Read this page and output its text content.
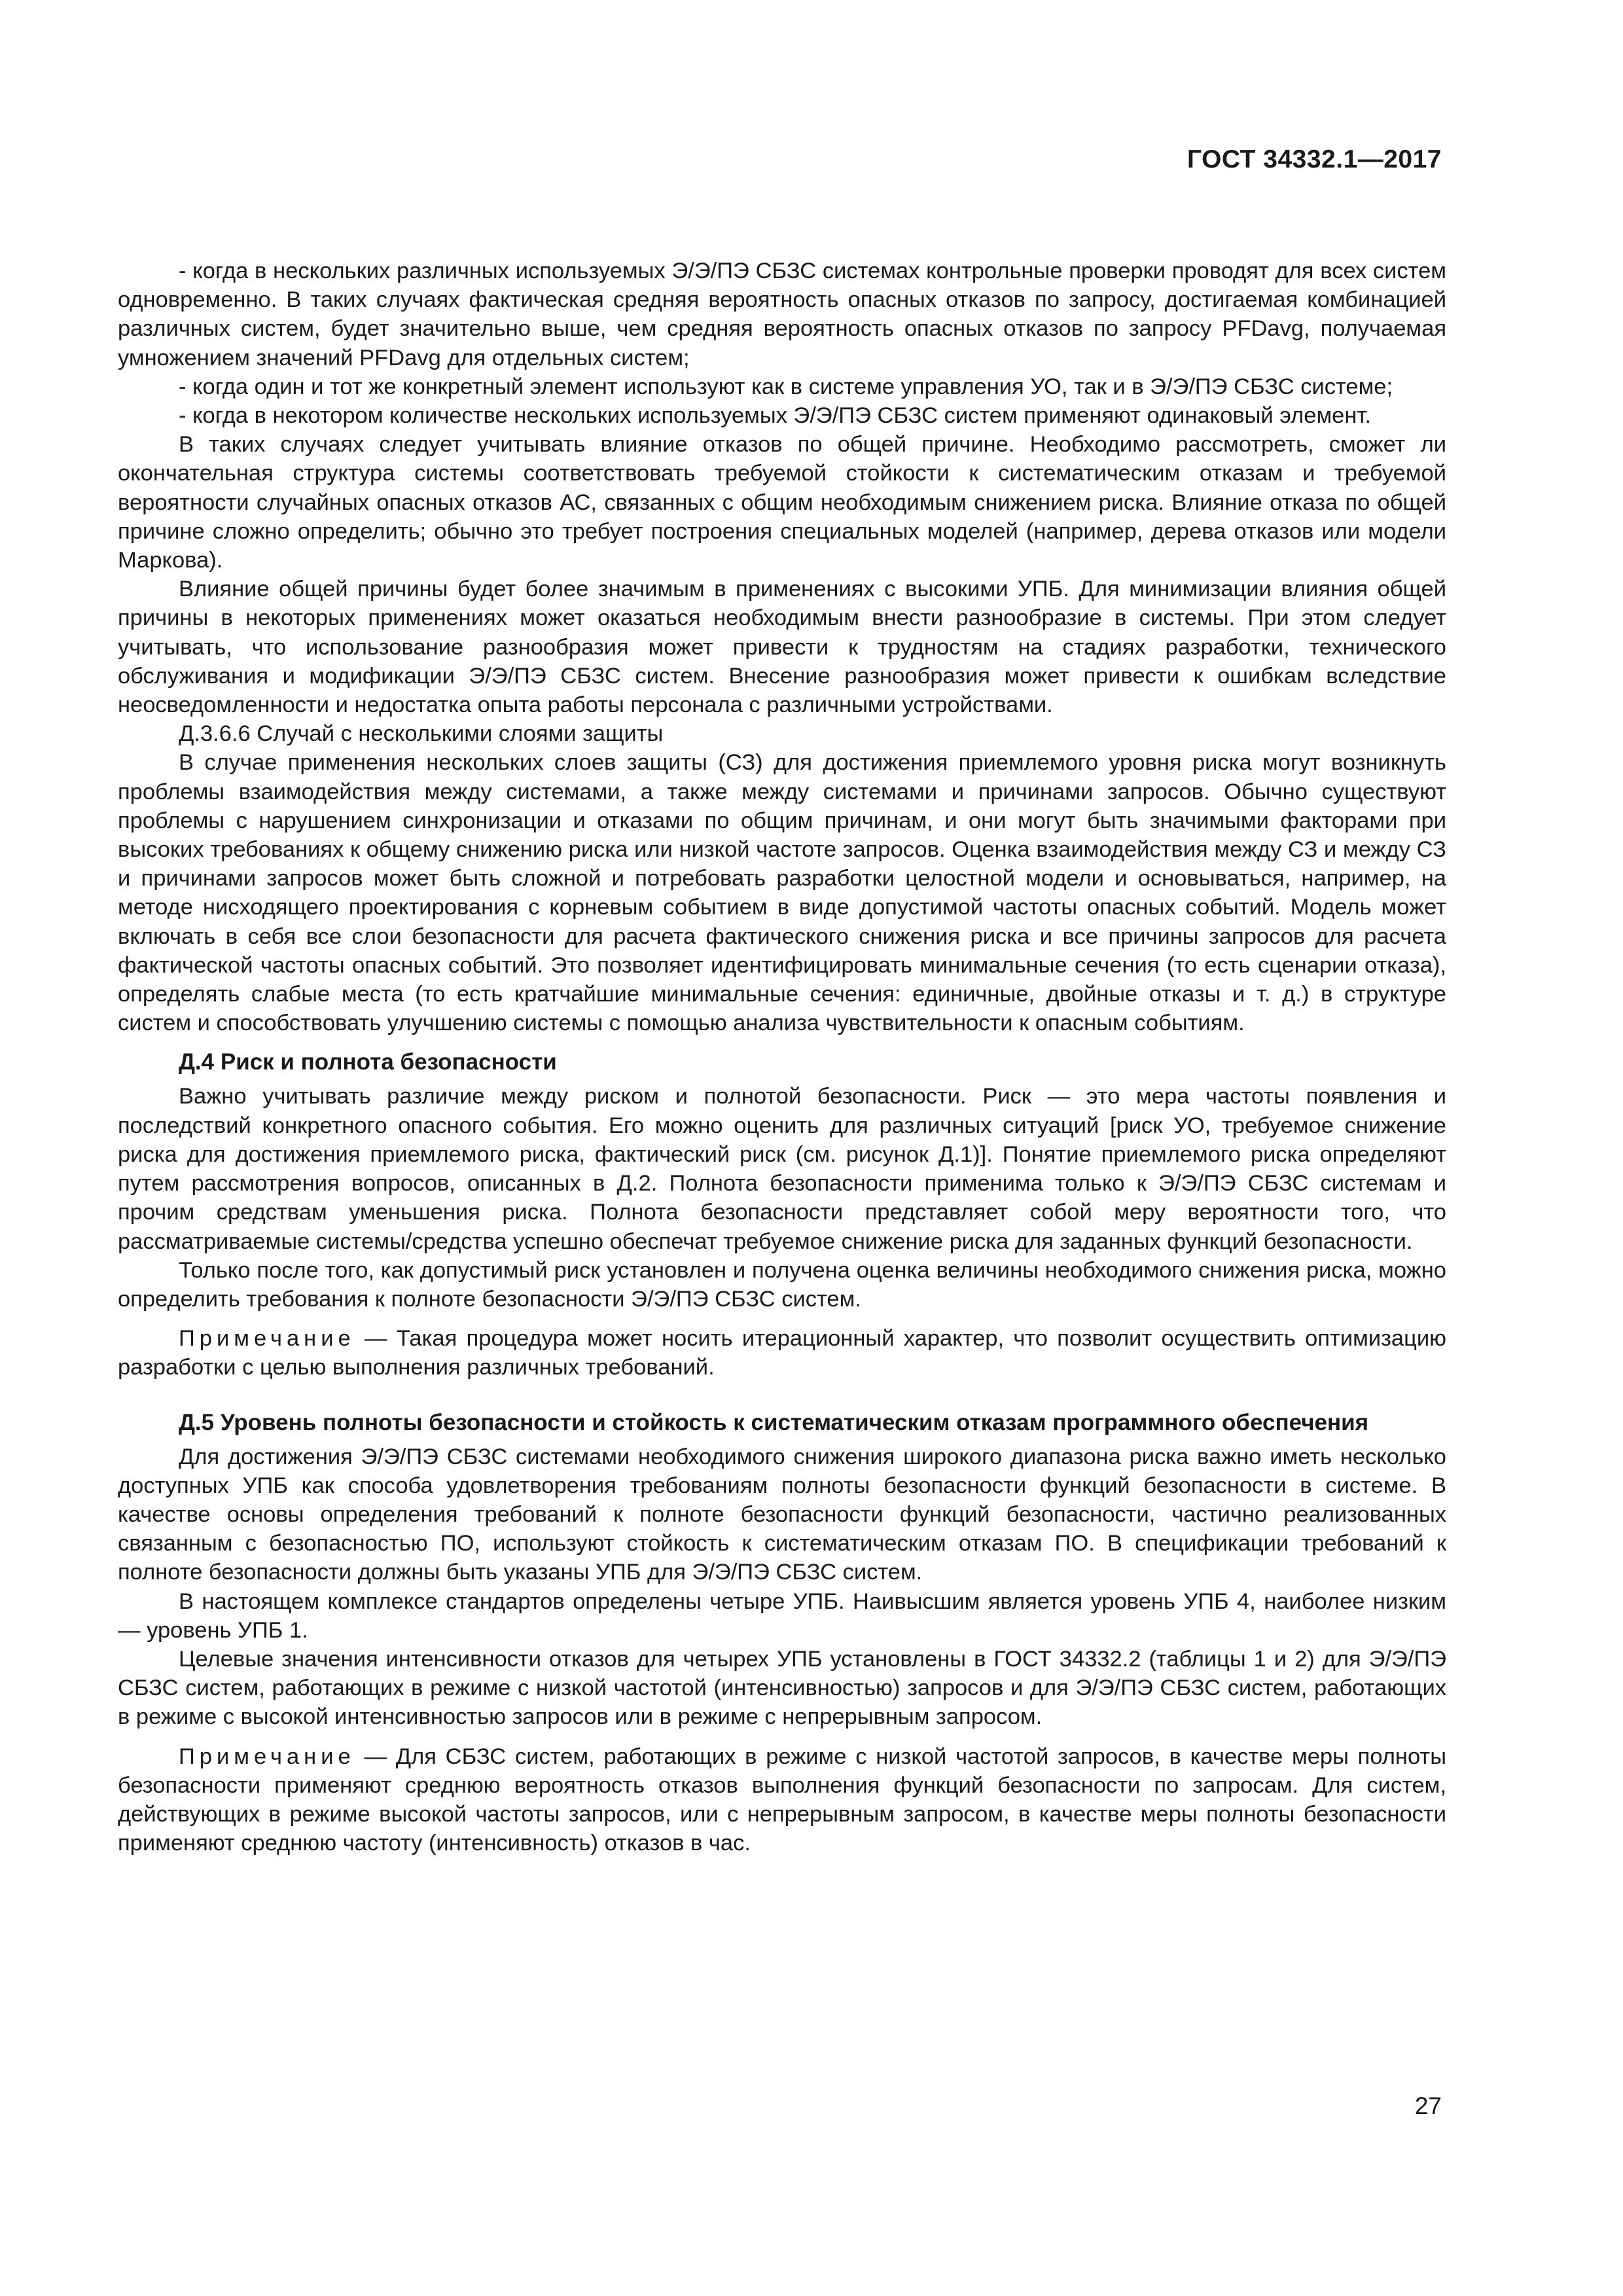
ГОСТ 34332.1—2017

- когда в нескольких различных используемых Э/Э/ПЭ СБЗС системах контрольные проверки проводят для всех систем одновременно. В таких случаях фактическая средняя вероятность опасных отказов по запросу, достигаемая комбинацией различных систем, будет значительно выше, чем средняя вероятность опасных отказов по запросу PFDavg, получаемая умножением значений PFDavg для отдельных систем;

- когда один и тот же конкретный элемент используют как в системе управления УО, так и в Э/Э/ПЭ СБЗС системе;

- когда в некотором количестве нескольких используемых Э/Э/ПЭ СБЗС систем применяют одинаковый элемент.

В таких случаях следует учитывать влияние отказов по общей причине. Необходимо рассмотреть, сможет ли окончательная структура системы соответствовать требуемой стойкости к систематическим отказам и требуемой вероятности случайных опасных отказов АС, связанных с общим необходимым снижением риска. Влияние отказа по общей причине сложно определить; обычно это требует построения специальных моделей (например, дерева отказов или модели Маркова).

Влияние общей причины будет более значимым в применениях с высокими УПБ. Для минимизации влияния общей причины в некоторых применениях может оказаться необходимым внести разнообразие в системы. При этом следует учитывать, что использование разнообразия может привести к трудностям на стадиях разработки, технического обслуживания и модификации Э/Э/ПЭ СБЗС систем. Внесение разнообразия может привести к ошибкам вследствие неосведомленности и недостатка опыта работы персонала с различными устройствами.

Д.3.6.6 Случай с несколькими слоями защиты

В случае применения нескольких слоев защиты (СЗ) для достижения приемлемого уровня риска могут возникнуть проблемы взаимодействия между системами, а также между системами и причинами запросов. Обычно существуют проблемы с нарушением синхронизации и отказами по общим причинам, и они могут быть значимыми факторами при высоких требованиях к общему снижению риска или низкой частоте запросов. Оценка взаимодействия между СЗ и между СЗ и причинами запросов может быть сложной и потребовать разработки целостной модели и основываться, например, на методе нисходящего проектирования с корневым событием в виде допустимой частоты опасных событий. Модель может включать в себя все слои безопасности для расчета фактического снижения риска и все причины запросов для расчета фактической частоты опасных событий. Это позволяет идентифицировать минимальные сечения (то есть сценарии отказа), определять слабые места (то есть кратчайшие минимальные сечения: единичные, двойные отказы и т. д.) в структуре систем и способствовать улучшению системы с помощью анализа чувствительности к опасным событиям.

Д.4 Риск и полнота безопасности

Важно учитывать различие между риском и полнотой безопасности. Риск — это мера частоты появления и последствий конкретного опасного события. Его можно оценить для различных ситуаций [риск УО, требуемое снижение риска для достижения приемлемого риска, фактический риск (см. рисунок Д.1)]. Понятие приемлемого риска определяют путем рассмотрения вопросов, описанных в Д.2. Полнота безопасности применима только к Э/Э/ПЭ СБЗС системам и прочим средствам уменьшения риска. Полнота безопасности представляет собой меру вероятности того, что рассматриваемые системы/средства успешно обеспечат требуемое снижение риска для заданных функций безопасности.

Только после того, как допустимый риск установлен и получена оценка величины необходимого снижения риска, можно определить требования к полноте безопасности Э/Э/ПЭ СБЗС систем.

Примечание — Такая процедура может носить итерационный характер, что позволит осуществить оптимизацию разработки с целью выполнения различных требований.

Д.5 Уровень полноты безопасности и стойкость к систематическим отказам программного обеспечения

Для достижения Э/Э/ПЭ СБЗС системами необходимого снижения широкого диапазона риска важно иметь несколько доступных УПБ как способа удовлетворения требованиям полноты безопасности функций безопасности в системе. В качестве основы определения требований к полноте безопасности функций безопасности, частично реализованных связанным с безопасностью ПО, используют стойкость к систематическим отказам ПО. В спецификации требований к полноте безопасности должны быть указаны УПБ для Э/Э/ПЭ СБЗС систем.

В настоящем комплексе стандартов определены четыре УПБ. Наивысшим является уровень УПБ 4, наиболее низким — уровень УПБ 1.

Целевые значения интенсивности отказов для четырех УПБ установлены в ГОСТ 34332.2 (таблицы 1 и 2) для Э/Э/ПЭ СБЗС систем, работающих в режиме с низкой частотой (интенсивностью) запросов и для Э/Э/ПЭ СБЗС систем, работающих в режиме с высокой интенсивностью запросов или в режиме с непрерывным запросом.

Примечание — Для СБЗС систем, работающих в режиме с низкой частотой запросов, в качестве меры полноты безопасности применяют среднюю вероятность отказов выполнения функций безопасности по запросам. Для систем, действующих в режиме высокой частоты запросов, или с непрерывным запросом, в качестве меры полноты безопасности применяют среднюю частоту (интенсивность) отказов в час.

27
